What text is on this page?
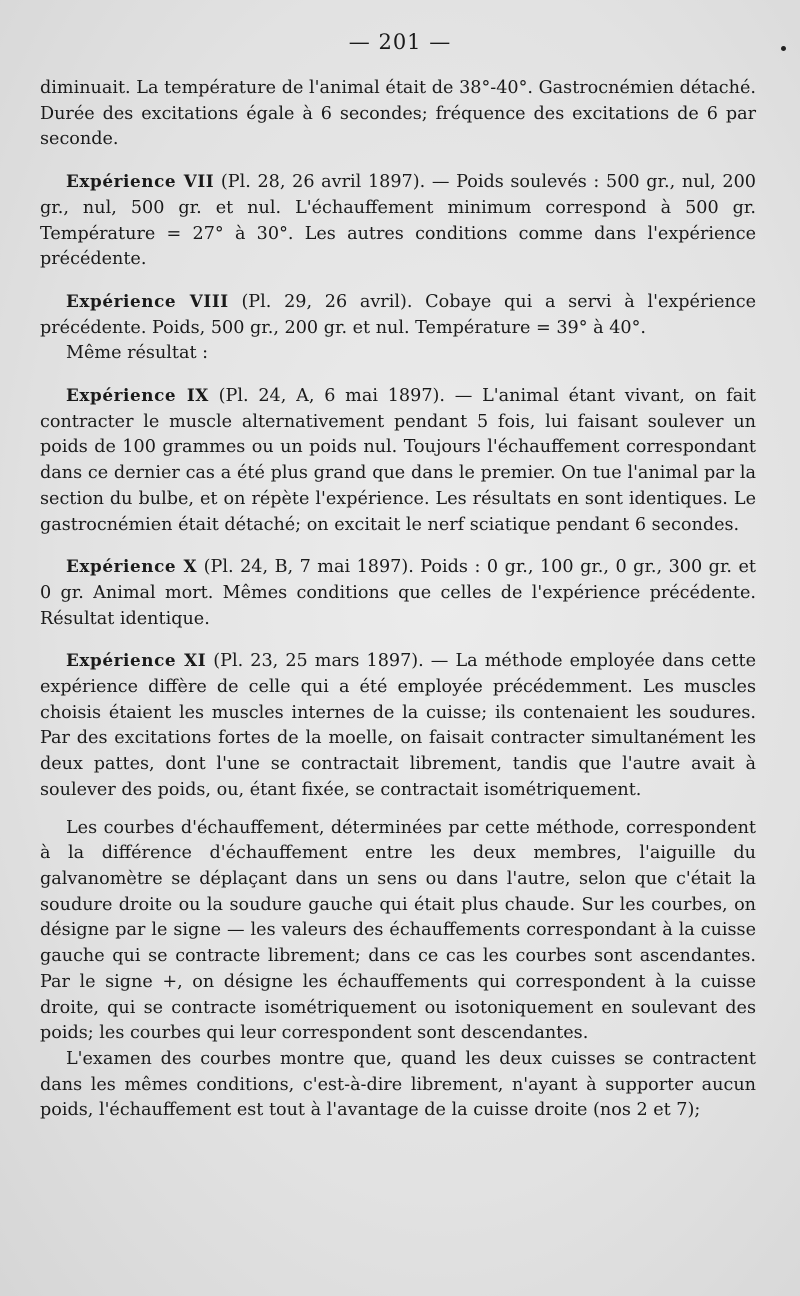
— 201 —

diminuait. La température de l'animal était de 38°-40°. Gastrocnémien détaché. Durée des excitations égale à 6 secondes; fréquence des excitations de 6 par seconde.

Expérience VII (Pl. 28, 26 avril 1897). — Poids soulevés : 500 gr., nul, 200 gr., nul, 500 gr. et nul. L'échauffement minimum correspond à 500 gr. Température = 27° à 30°. Les autres conditions comme dans l'expérience précédente.

Expérience VIII (Pl. 29, 26 avril). Cobaye qui a servi à l'expérience précédente. Poids, 500 gr., 200 gr. et nul. Température = 39° à 40°.

Même résultat :

Expérience IX (Pl. 24, A, 6 mai 1897). — L'animal étant vivant, on fait contracter le muscle alternativement pendant 5 fois, lui faisant soulever un poids de 100 grammes ou un poids nul. Toujours l'échauffement correspondant dans ce dernier cas a été plus grand que dans le premier. On tue l'animal par la section du bulbe, et on répète l'expérience. Les résultats en sont identiques. Le gastrocnémien était détaché; on excitait le nerf sciatique pendant 6 secondes.

Expérience X (Pl. 24, B, 7 mai 1897). Poids : 0 gr., 100 gr., 0 gr., 300 gr. et 0 gr. Animal mort. Mêmes conditions que celles de l'expérience précédente. Résultat identique.

Expérience XI (Pl. 23, 25 mars 1897). — La méthode employée dans cette expérience diffère de celle qui a été employée précédemment. Les muscles choisis étaient les muscles internes de la cuisse; ils contenaient les soudures. Par des excitations fortes de la moelle, on faisait contracter simultanément les deux pattes, dont l'une se contractait librement, tandis que l'autre avait à soulever des poids, ou, étant fixée, se contractait isométriquement.

Les courbes d'échauffement, déterminées par cette méthode, correspondent à la différence d'échauffement entre les deux membres, l'aiguille du galvanomètre se déplaçant dans un sens ou dans l'autre, selon que c'était la soudure droite ou la soudure gauche qui était plus chaude. Sur les courbes, on désigne par le signe — les valeurs des échauffements correspondant à la cuisse gauche qui se contracte librement; dans ce cas les courbes sont ascendantes. Par le signe +, on désigne les échauffements qui correspondent à la cuisse droite, qui se contracte isométriquement ou isotoniquement en soulevant des poids; les courbes qui leur correspondent sont descendantes.

L'examen des courbes montre que, quand les deux cuisses se contractent dans les mêmes conditions, c'est-à-dire librement, n'ayant à supporter aucun poids, l'échauffement est tout à l'avantage de la cuisse droite (nos 2 et 7);
